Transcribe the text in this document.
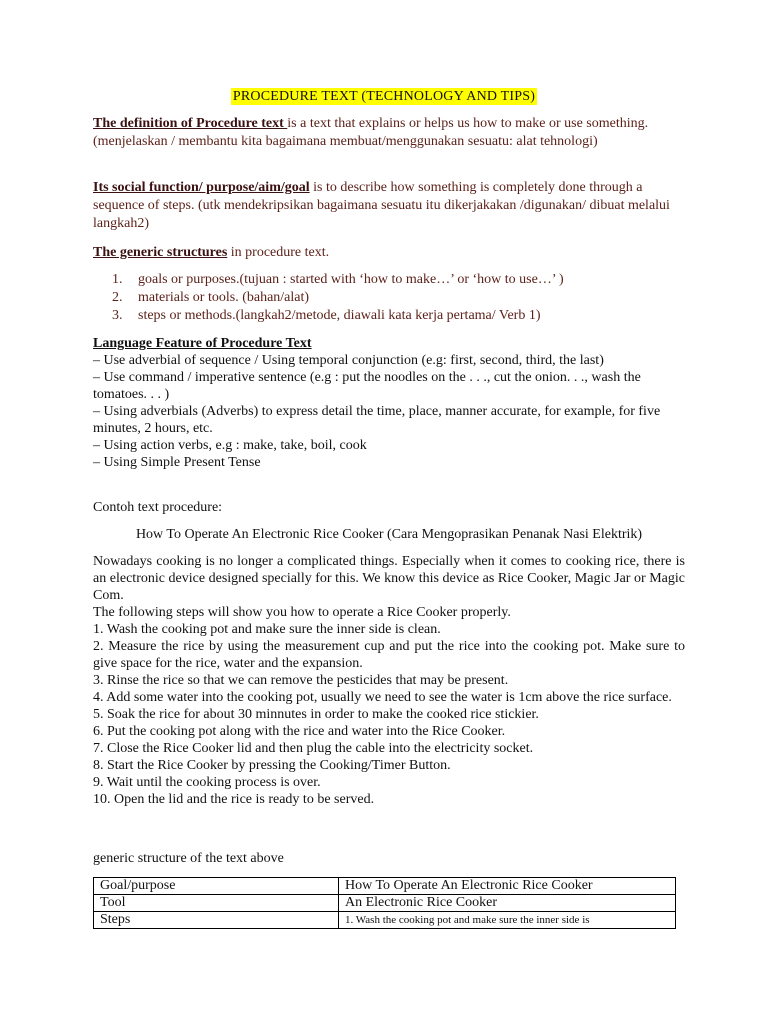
PROCEDURE TEXT (TECHNOLOGY AND TIPS)
The definition of Procedure text is a text that explains or helps us how to make or use something.(menjelaskan / membantu kita bagaimana membuat/menggunakan sesuatu: alat tehnologi)
Its social function/ purpose/aim/goal is to describe how something is completely done through a sequence of steps. (utk mendekripsikan bagaimana sesuatu itu dikerjakakan /digunakan/ dibuat melalui langkah2)
The generic structures in procedure text.
1. goals or purposes.(tujuan : started with ‘how to make…’ or ‘how to use…’ )
2. materials or tools. (bahan/alat)
3. steps or methods.(langkah2/metode, diawali kata kerja pertama/ Verb 1)
Language Feature of Procedure Text
– Use adverbial of sequence / Using temporal conjunction (e.g: first, second, third, the last)
– Use command / imperative sentence (e.g : put the noodles on the . . ., cut the onion. . ., wash the tomatoes. . . )
– Using adverbials (Adverbs) to express detail the time, place, manner accurate, for example, for five minutes, 2 hours, etc.
– Using action verbs, e.g : make, take, boil, cook
– Using Simple Present Tense
Contoh text procedure:
How To Operate An Electronic Rice Cooker (Cara Mengoprasikan Penanak Nasi Elektrik)
Nowadays cooking is no longer a complicated things. Especially when it comes to cooking rice, there is an electronic device designed specially for this. We know this device as Rice Cooker, Magic Jar or Magic Com.
The following steps will show you how to operate a Rice Cooker properly.
1. Wash the cooking pot and make sure the inner side is clean.
2. Measure the rice by using the measurement cup and put the rice into the cooking pot. Make sure to give space for the rice, water and the expansion.
3. Rinse the rice so that we can remove the pesticides that may be present.
4. Add some water into the cooking pot, usually we need to see the water is 1cm above the rice surface.
5. Soak the rice for about 30 minnutes in order to make the cooked rice stickier.
6. Put the cooking pot along with the rice and water into the Rice Cooker.
7. Close the Rice Cooker lid and then plug the cable into the electricity socket.
8. Start the Rice Cooker by pressing the Cooking/Timer Button.
9. Wait until the cooking process is over.
10. Open the lid and the rice is ready to be served.
generic structure of the text above
Goal/purpose	How To Operate An Electronic Rice Cooker
Tool	An Electronic Rice Cooker
Steps	1. Wash the cooking pot and make sure the inner side is
